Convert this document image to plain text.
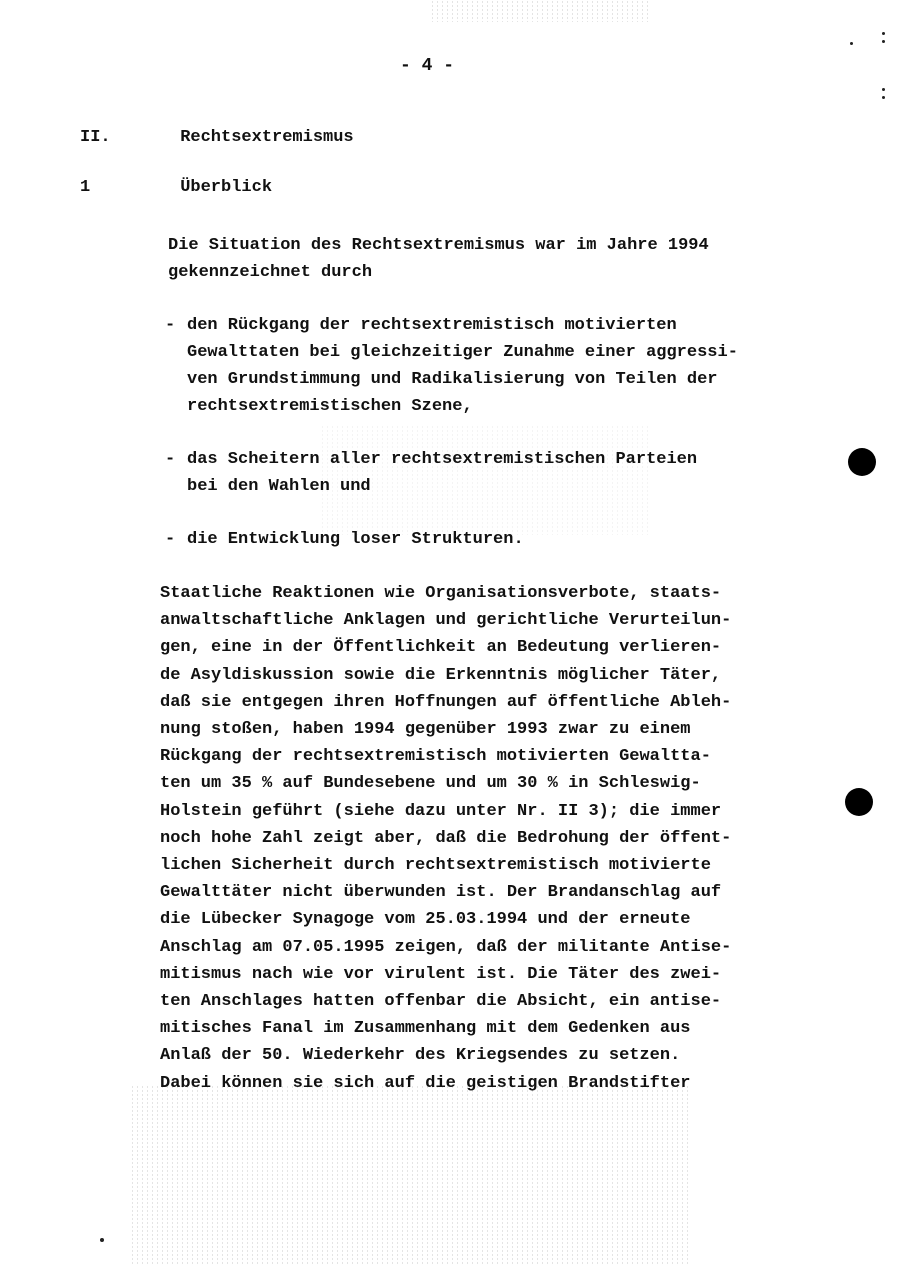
- 4 -
II.	Rechtsextremismus
1	Überblick
Die Situation des Rechtsextremismus war im Jahre 1994 gekennzeichnet durch
- den Rückgang der rechtsextremistisch motivierten
Gewalttaten bei gleichzeitiger Zunahme einer aggressi-
ven Grundstimmung und Radikalisierung von Teilen der
rechtsextremistischen Szene,
- das Scheitern aller rechtsextremistischen Parteien
bei den Wahlen und
- die Entwicklung loser Strukturen.
Staatliche Reaktionen wie Organisationsverbote, staats-
anwaltschaftliche Anklagen und gerichtliche Verurteilun-
gen, eine in der Öffentlichkeit an Bedeutung verlieren-
de Asyldiskussion sowie die Erkenntnis möglicher Täter,
daß sie entgegen ihren Hoffnungen auf öffentliche Ableh-
nung stoßen, haben 1994 gegenüber 1993 zwar zu einem
Rückgang der rechtsextremistisch motivierten Gewaltta-
ten um 35 % auf Bundesebene und um 30 % in Schleswig-
Holstein geführt (siehe dazu unter Nr. II 3); die immer
noch hohe Zahl zeigt aber, daß die Bedrohung der öffent-
lichen Sicherheit durch rechtsextremistisch motivierte
Gewalttäter nicht überwunden ist. Der Brandanschlag auf
die Lübecker Synagoge vom 25.03.1994 und der erneute
Anschlag am 07.05.1995 zeigen, daß der militante Antise-
mitismus nach wie vor virulent ist. Die Täter des zwei-
ten Anschlages hatten offenbar die Absicht, ein antise-
mitisches Fanal im Zusammenhang mit dem Gedenken aus
Anlaß der 50. Wiederkehr des Kriegsendes zu setzen.
Dabei können sie sich auf die geistigen Brandstifter
